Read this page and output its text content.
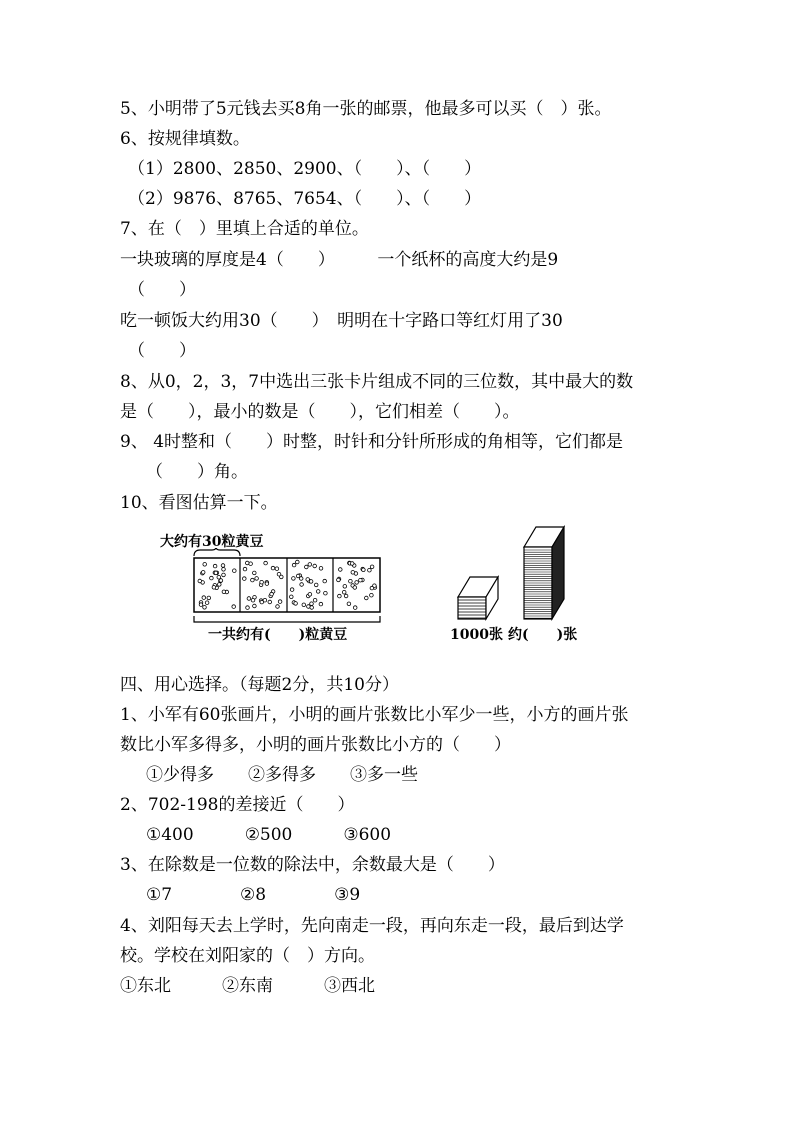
5、小明带了5元钱去买8角一张的邮票，他最多可以买（　）张。
6、按规律填数。
（1）2800、2850、2900、（　　）、（　　）
（2）9876、8765、7654、（　　）、（　　）
7、在（　）里填上合适的单位。
一块玻璃的厚度是4（　　）　　　一个纸杯的高度大约是9
（　　）
吃一顿饭大约用30（　　）　明明在十字路口等红灯用了30
（　　）
8、从0，2，3，7中选出三张卡片组成不同的三位数，其中最大的数
是（　　），最小的数是（　　），它们相差（　　）。
9、 4时整和（　　）时整，时针和分针所形成的角相等，它们都是
（　　）角。
10、看图估算一下。
大约有30粒黄豆
一共约有(　　)粒黄豆	1000张 约(　　)张
四、用心选择。（每题2分，共10分）
1、小军有60张画片，小明的画片张数比小军少一些，小方的画片张
数比小军多得多，小明的画片张数比小方的（　　）
①少得多　　②多得多　　③多一些
2、702-198的差接近（　　）
①400　　　②500　　　③600
3、在除数是一位数的除法中，余数最大是（　　）
①7　　　　②8　　　　③9
4、刘阳每天去上学时，先向南走一段，再向东走一段，最后到达学
校。学校在刘阳家的（　）方向。
①东北　　　②东南　　　③西北
